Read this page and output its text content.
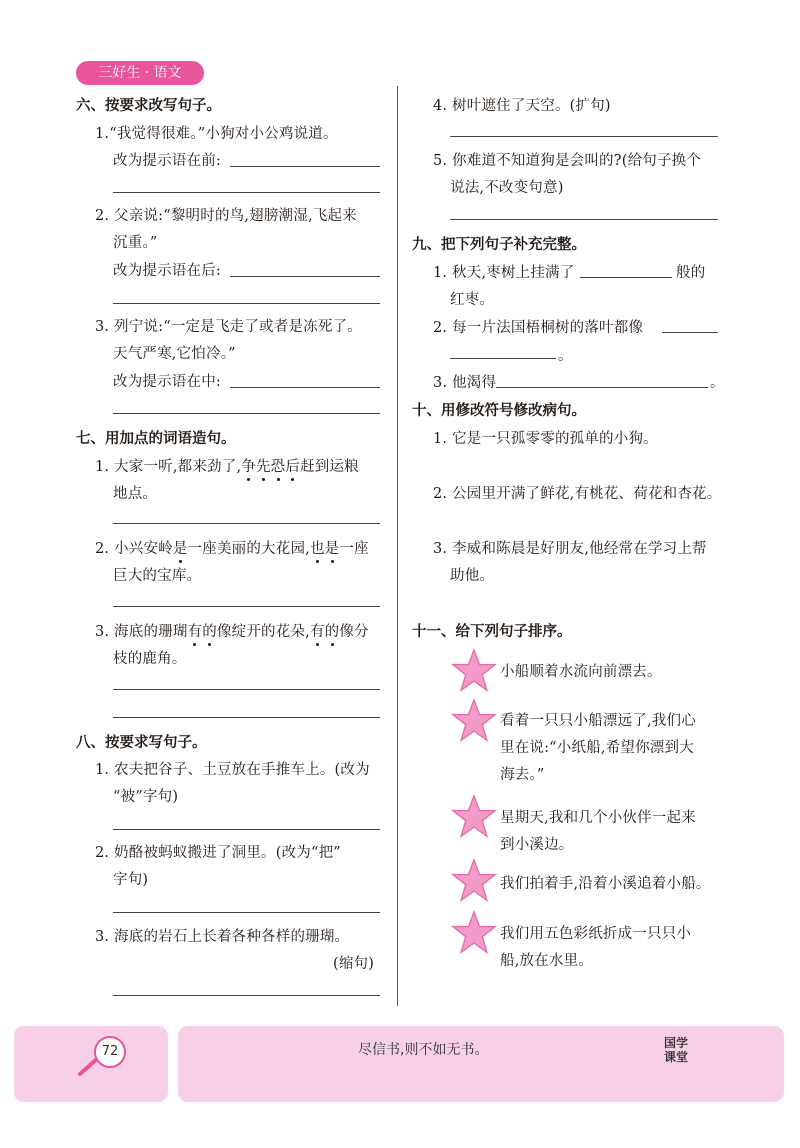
三好生 · 语文
六、按要求改写句子。
1.“我觉得很难。”小狗对小公鸡说道。
改为提示语在前:
2. 父亲说:“黎明时的鸟,翅膀潮湿,飞起来
沉重。”
改为提示语在后:
3. 列宁说:“一定是飞走了或者是冻死了。
天气严寒,它怕冷。”
改为提示语在中:
七、用加点的词语造句。
1. 大家一听,都来劲了,争先恐后赶到运粮
地点。
2. 小兴安岭是一座美丽的大花园,也是一座
巨大的宝库。
3. 海底的珊瑚有的像绽开的花朵,有的像分
枝的鹿角。
八、按要求写句子。
1. 农夫把谷子、土豆放在手推车上。(改为
“被”字句)
2. 奶酪被蚂蚁搬进了洞里。(改为“把”
字句)
3. 海底的岩石上长着各种各样的珊瑚。
(缩句)
4. 树叶遮住了天空。(扩句)
5. 你难道不知道狗是会叫的?(给句子换个
说法,不改变句意)
九、把下列句子补充完整。
1. 秋天,枣树上挂满了	般的
红枣。
2. 每一片法国梧桐树的落叶都像
。
3. 他渴得	。
十、用修改符号修改病句。
1. 它是一只孤零零的孤单的小狗。
2. 公园里开满了鲜花,有桃花、荷花和杏花。
3. 李威和陈晨是好朋友,他经常在学习上帮
助他。
十一、给下列句子排序。
小船顺着水流向前漂去。
看着一只只小船漂远了,我们心
里在说:“小纸船,希望你漂到大
海去。”
星期天,我和几个小伙伴一起来
到小溪边。
我们拍着手,沿着小溪追着小船。
我们用五色彩纸折成一只只小
船,放在水里。
72	尽信书,则不如无书。	国学
课堂
